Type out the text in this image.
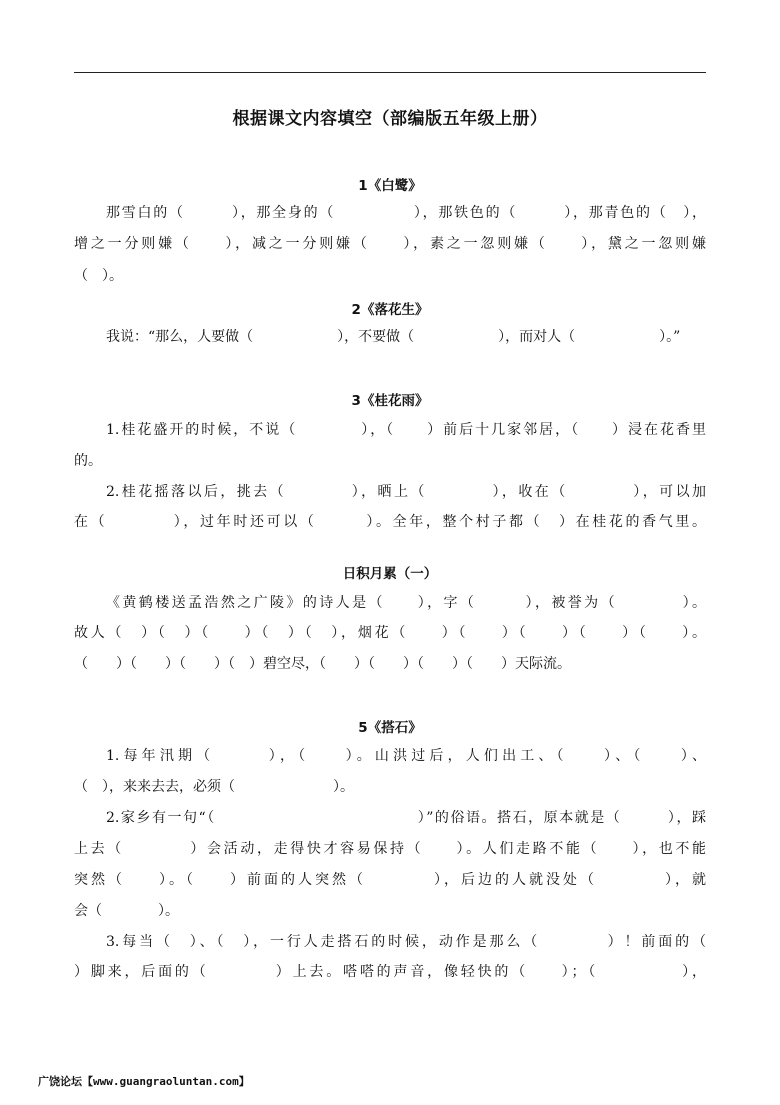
根据课文内容填空（部编版五年级上册）
1《白鹭》
那雪白的（　　　），那全身的（　　　　　），那铁色的（　　　），那青色的（　），
增之一分则嫌（　　），减之一分则嫌（　　），素之一忽则嫌（　　），黛之一忽则嫌
（　）。
2《落花生》
我说：“那么，人要做（　　　　　　），不要做（　　　　　　），而对人（　　　　　　）。”
3《桂花雨》
1.桂花盛开的时候，不说（　　　　），（　　）前后十几家邻居，（　　）浸在花香里
的。
2.桂花摇落以后，挑去（　　　　），晒上（　　　　），收在（　　　　），可以加
在（　　　　），过年时还可以（　　　）。全年，整个村子都（　）在桂花的香气里。
日积月累（一）
《黄鹤楼送孟浩然之广陵》的诗人是（　　），字（　　　），被誉为（　　　　）。
故人（　）（　）（　　）（　）（　），烟花（　　）（　　）（　　）（　　）（　　）。
（　　）（　　）（　　）（　）碧空尽，（　　）（　　）（　　）（　　）天际流。
5《搭石》
1.每年汛期（　　　），（　　）。山洪过后，人们出工、（　　）、（　　）、
（　），来来去去，必须（　　　　　　　）。
2.家乡有一句“（　　　　　　　　　　　　　）”的俗语。搭石，原本就是（　　　），踩
上去（　　　　）会活动，走得快才容易保持（　　）。人们走路不能（　　），也不能
突然（　　）。（　　）前面的人突然（　　　　），后边的人就没处（　　　　），就
会（　　　　）。
3.每当（　）、（　），一行人走搭石的时候，动作是那么（　　　　）！前面的（
）脚来，后面的（　　　　）上去。嗒嗒的声音，像轻快的（　　）；（　　　　　），
广饶论坛【www.guangraoluntan.com】
